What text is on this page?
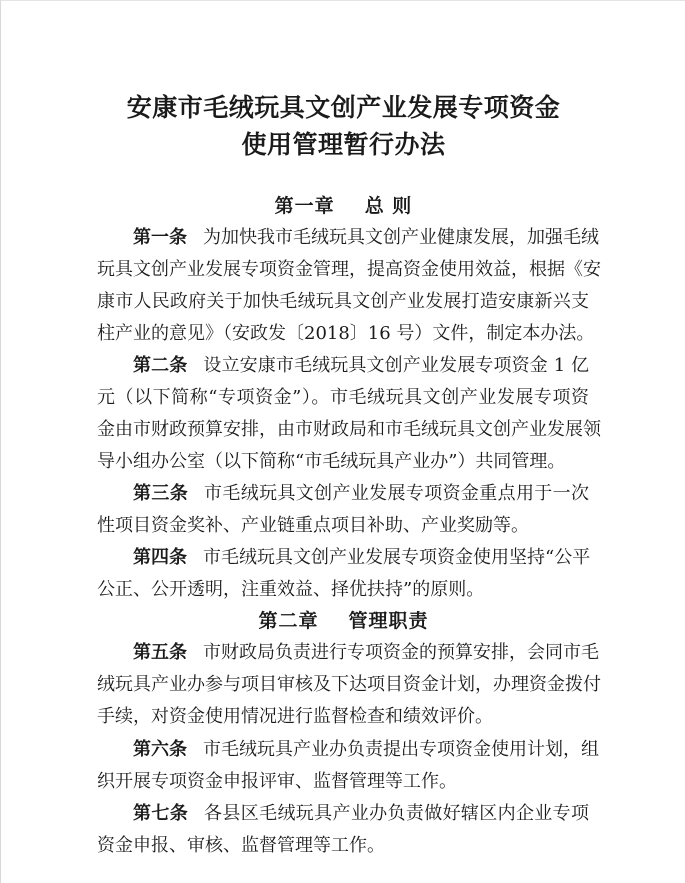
安康市毛绒玩具文创产业发展专项资金
使用管理暂行办法
第一章 总 则
第一条 为加快我市毛绒玩具文创产业健康发展，加强毛绒
玩具文创产业发展专项资金管理，提高资金使用效益，根据《安
康市人民政府关于加快毛绒玩具文创产业发展打造安康新兴支
柱产业的意见》（安政发〔2018〕16 号）文件，制定本办法。
第二条 设立安康市毛绒玩具文创产业发展专项资金 1 亿
元（以下简称“专项资金”）。市毛绒玩具文创产业发展专项资
金由市财政预算安排，由市财政局和市毛绒玩具文创产业发展领
导小组办公室（以下简称“市毛绒玩具产业办”）共同管理。
第三条 市毛绒玩具文创产业发展专项资金重点用于一次
性项目资金奖补、产业链重点项目补助、产业奖励等。
第四条 市毛绒玩具文创产业发展专项资金使用坚持“公平
公正、公开透明，注重效益、择优扶持”的原则。
第二章 管理职责
第五条 市财政局负责进行专项资金的预算安排，会同市毛
绒玩具产业办参与项目审核及下达项目资金计划，办理资金拨付
手续，对资金使用情况进行监督检查和绩效评价。
第六条 市毛绒玩具产业办负责提出专项资金使用计划，组
织开展专项资金申报评审、监督管理等工作。
第七条 各县区毛绒玩具产业办负责做好辖区内企业专项
资金申报、审核、监督管理等工作。
